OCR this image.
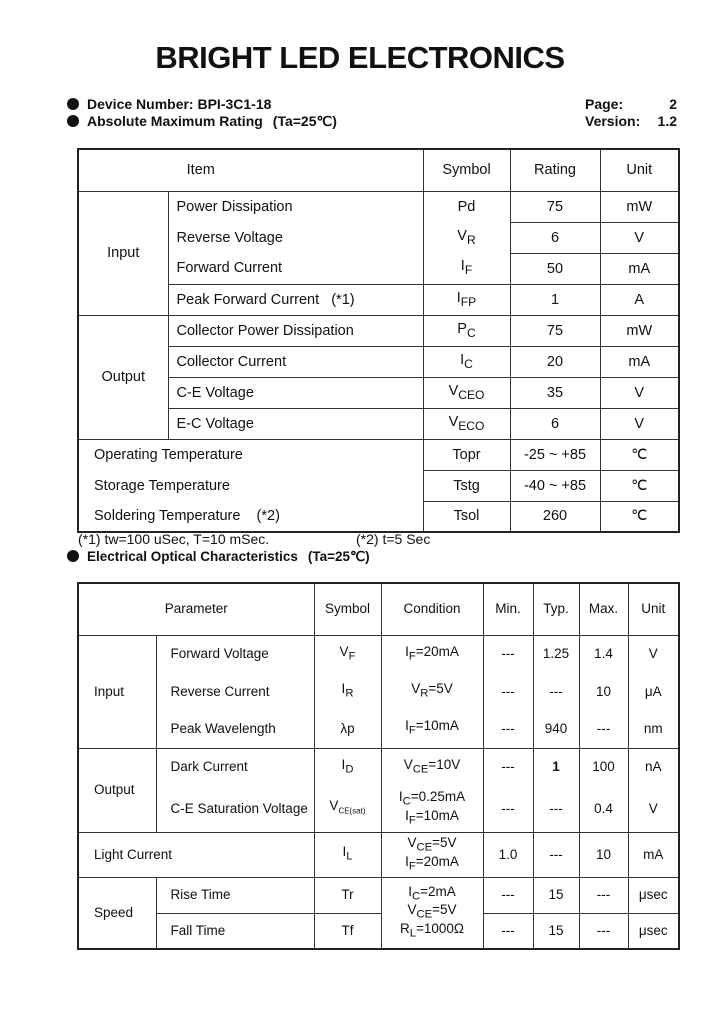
BRIGHT LED ELECTRONICS
Device Number: BPI-3C1-18
Absolute Maximum Rating (Ta=25℃)
Page:	2
Version:	1.2
Item		Symbol	Rating	Unit
Input	Power Dissipation	Pd	75	mW
	Reverse Voltage	$V_R$	6	V
	Forward Current	$I_F$	50	mA
	Peak Forward Current   (*1)	$I_{FP}$	1	A
Output	Collector Power Dissipation	$P_C$	75	mW
	Collector Current	$I_C$	20	mA
	C-E Voltage	$V_{CEO}$	35	V
	E-C Voltage	$V_{ECO}$	6	V
Operating Temperature		Topr	-25 ~ +85	℃
Storage Temperature		Tstg	-40 ~ +85	℃
Soldering Temperature    (*2)		Tsol	260	℃
(*1) tw=100 uSec, T=10 mSec.	(*2) t=5 Sec
Electrical Optical Characteristics (Ta=25℃)
Parameter		Symbol	Condition	Min.	Typ.	Max.	Unit
Input	Forward Voltage	$V_F$	$I_F=20mA$	---	1.25	1.4	V
	Reverse Current	$I_R$	$V_R=5V$	---	---	10	μA
	Peak Wavelength	λp	$I_F=10mA$	---	940	---	nm
Output	Dark Current	$I_D$	$V_{CE}=10V$	---	1	100	nA
	C-E Saturation Voltage	$V_{CE(sat)}$	$I_C=0.25mA$
$I_F=10mA$	---	---	0.4	V
Light Current		$I_L$	$V_{CE}=5V$
$I_F=20mA$	1.0	---	10	mA
Speed	Rise Time	Tr	$I_C=2mA$
$V_{CE}=5V$
$R_L=1000\Omega$	---	15	---	μsec
	Fall Time	Tf		---	15	---	μsec
